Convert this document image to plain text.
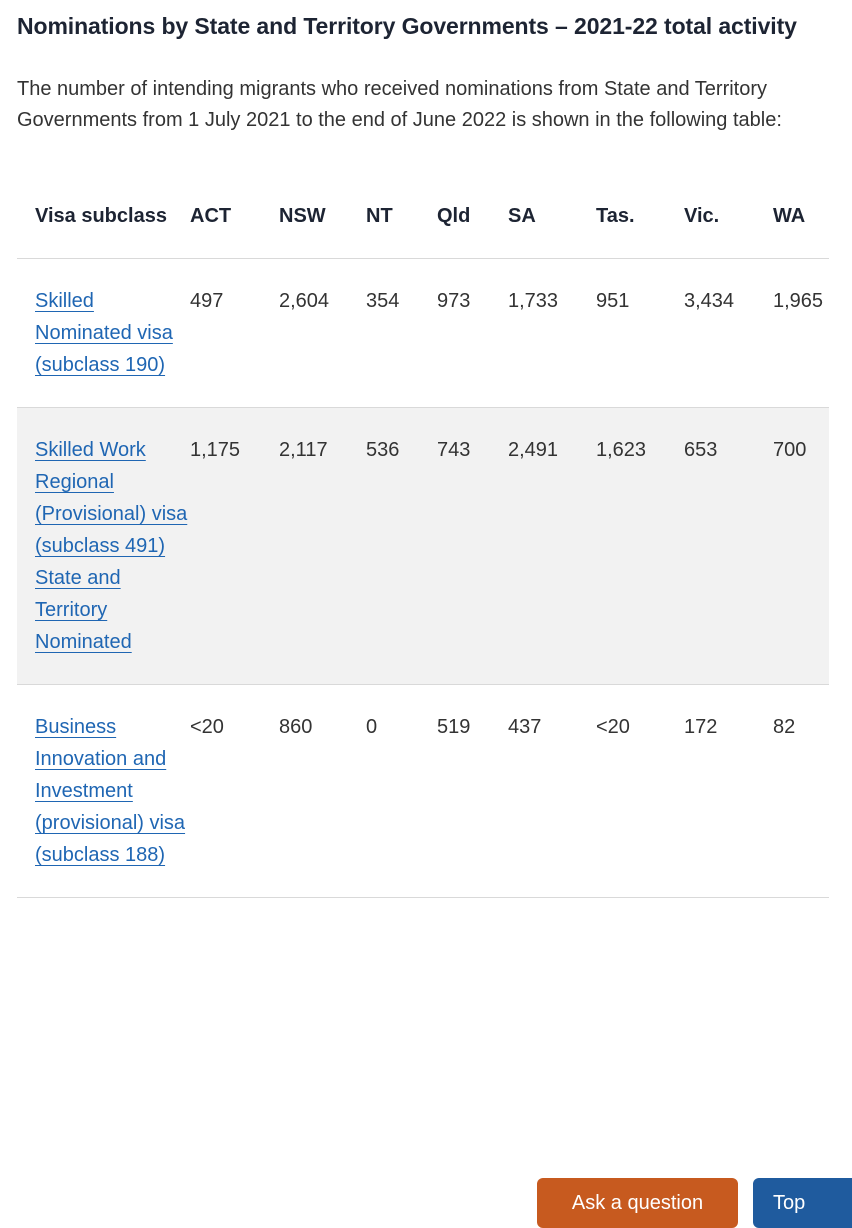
Nominations by State and Territory Governments – 2021-22 total activity

The number of intending migrants who received nominations from State and Territory Governments from 1 July 2021 to the end of June 2022 is shown in the following table:

Visa subclass	ACT	NSW	NT	Qld	SA	Tas.	Vic.	WA
Skilled Nominated visa (subclass 190)	497	2,604	354	973	1,733	951	3,434	1,965
Skilled Work Regional (Provisional) visa (subclass 491) State and Territory Nominated	1,175	2,117	536	743	2,491	1,623	653	700
Business Innovation and Investment (provisional) visa (subclass 188)	<20	860	0	519	437	<20	172	82
Ask a question	Top
